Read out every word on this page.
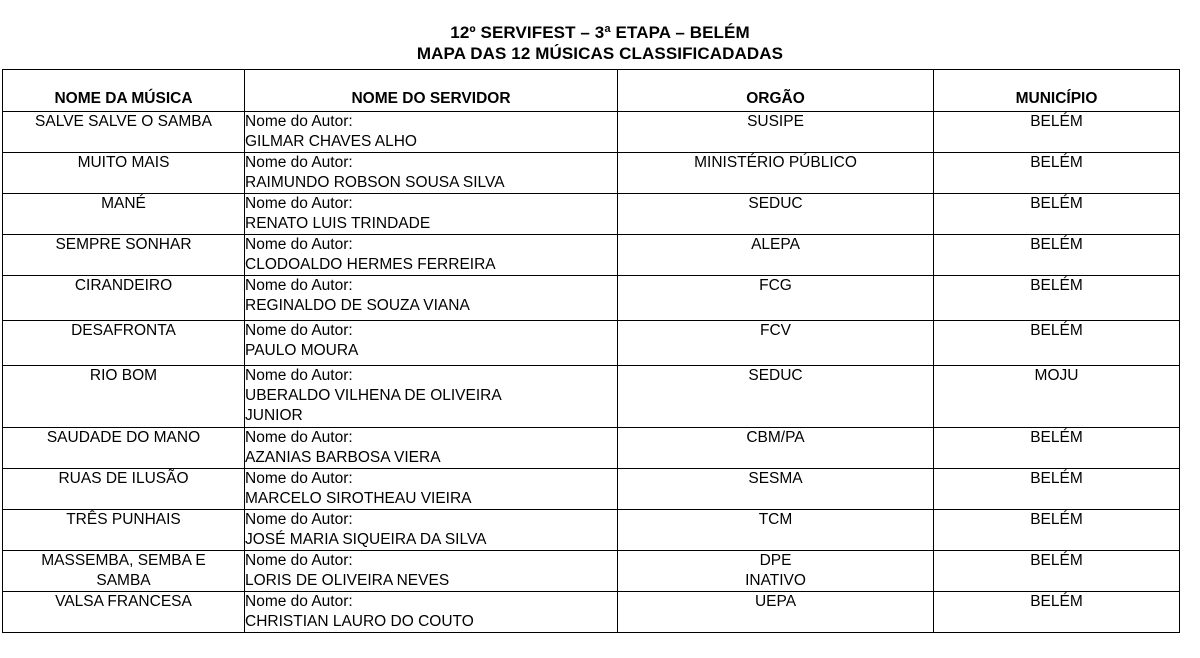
12º SERVIFEST – 3ª ETAPA – BELÉM
MAPA DAS 12 MÚSICAS CLASSIFICADADAS
NOME DA MÚSICA	NOME DO SERVIDOR	ORGÃO	MUNICÍPIO

SALVE SALVE O SAMBA	Nome do Autor:
GILMAR CHAVES ALHO	SUSIPE	BELÉM

MUITO MAIS	Nome do Autor:
RAIMUNDO ROBSON SOUSA SILVA	MINISTÉRIO PÚBLICO	BELÉM

MANÉ	Nome do Autor:
RENATO LUIS TRINDADE	SEDUC	BELÉM

SEMPRE SONHAR	Nome do Autor:
CLODOALDO HERMES FERREIRA	ALEPA	BELÉM

CIRANDEIRO	Nome do Autor:
REGINALDO DE SOUZA VIANA	FCG	BELÉM

DESAFRONTA	Nome do Autor:
PAULO MOURA	FCV	BELÉM

RIO BOM	Nome do Autor:
UBERALDO VILHENA DE OLIVEIRA
JUNIOR	SEDUC	MOJU

SAUDADE DO MANO	Nome do Autor:
AZANIAS BARBOSA VIERA	CBM/PA	BELÉM

RUAS DE ILUSÃO	Nome do Autor:
MARCELO SIROTHEAU VIEIRA	SESMA	BELÉM

TRÊS PUNHAIS	Nome do Autor:
JOSÉ MARIA SIQUEIRA DA SILVA	TCM	BELÉM

MASSEMBA, SEMBA E
SAMBA	Nome do Autor:
LORIS DE OLIVEIRA NEVES	DPE
INATIVO	BELÉM

VALSA FRANCESA	Nome do Autor:
CHRISTIAN LAURO DO COUTO	UEPA	BELÉM
